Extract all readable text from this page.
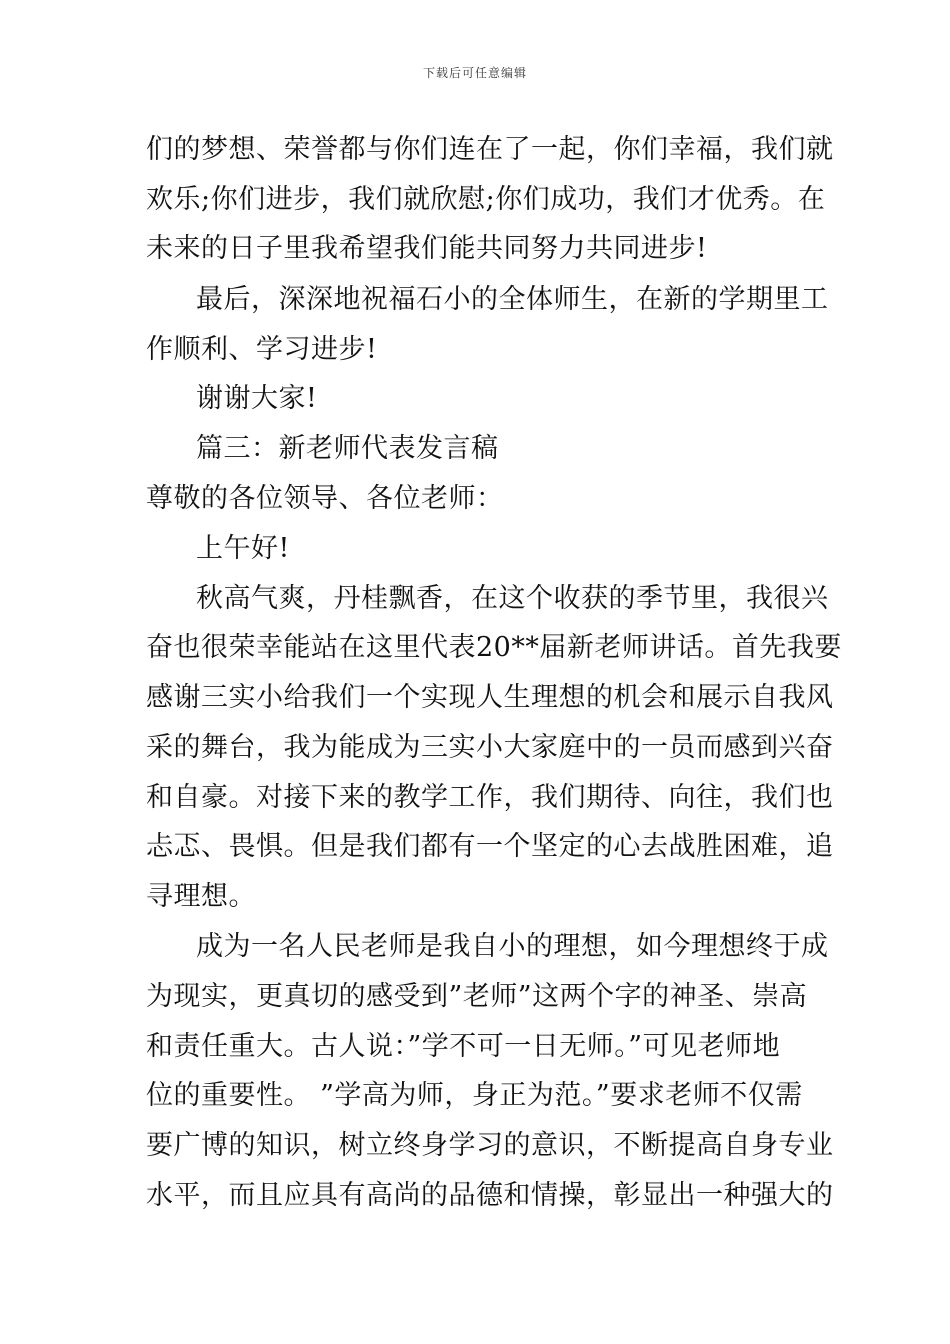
下载后可任意编辑
们的梦想、荣誉都与你们连在了一起，你们幸福，我们就
欢乐;你们进步，我们就欣慰;你们成功，我们才优秀。在
未来的日子里我希望我们能共同努力共同进步!
最后，深深地祝福石小的全体师生，在新的学期里工
作顺利、学习进步!
谢谢大家!
篇三：新老师代表发言稿
尊敬的各位领导、各位老师：
上午好!
秋高气爽，丹桂飘香，在这个收获的季节里，我很兴
奋也很荣幸能站在这里代表20**届新老师讲话。首先我要
感谢三实小给我们一个实现人生理想的机会和展示自我风
采的舞台，我为能成为三实小大家庭中的一员而感到兴奋
和自豪。对接下来的教学工作，我们期待、向往，我们也
忐忑、畏惧。但是我们都有一个坚定的心去战胜困难，追
寻理想。
成为一名人民老师是我自小的理想，如今理想终于成
为现实，更真切的感受到”老师”这两个字的神圣、崇高
和责任重大。古人说：”学不可一日无师。”可见老师地
位的重要性。 ”学高为师，身正为范。”要求老师不仅需
要广博的知识，树立终身学习的意识，不断提高自身专业
水平，而且应具有高尚的品德和情操，彰显出一种强大的
